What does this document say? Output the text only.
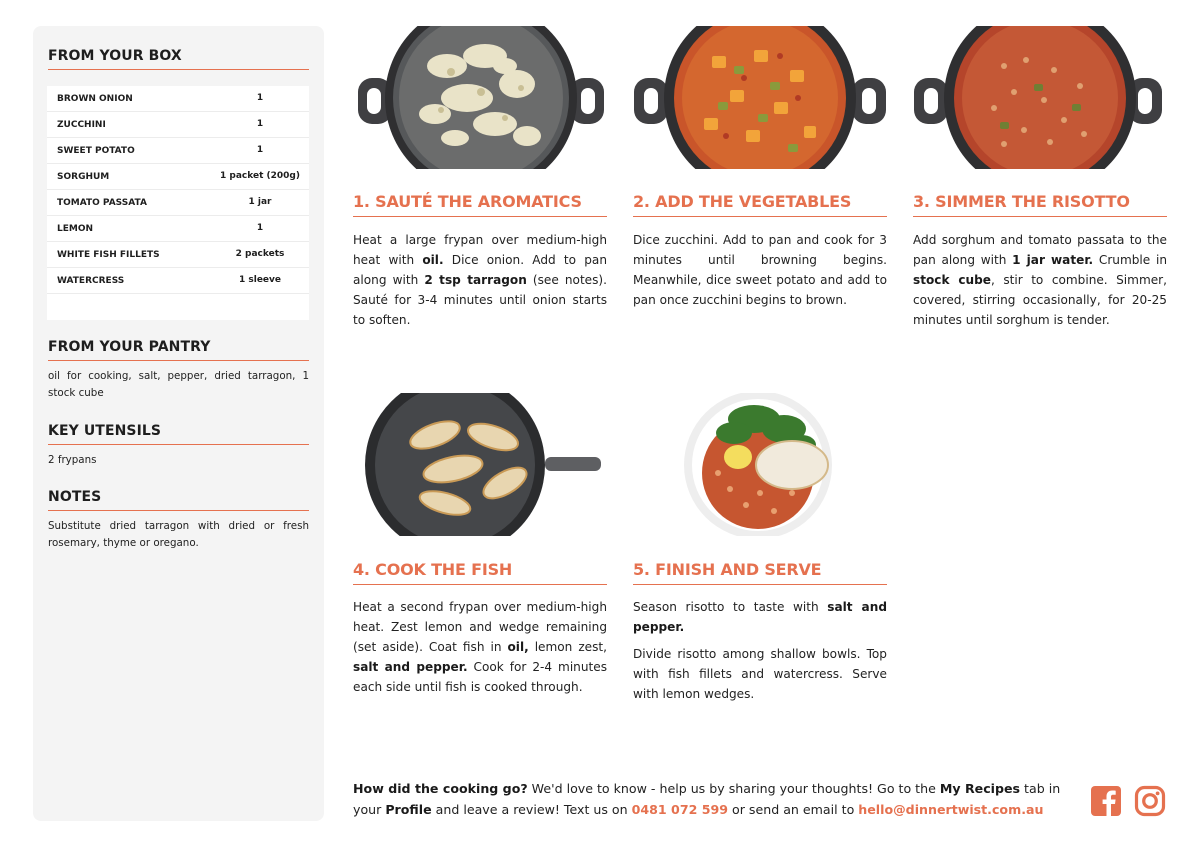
FROM YOUR BOX
BROWN ONION	1
ZUCCHINI	1
SWEET POTATO	1
SORGHUM	1 packet (200g)
TOMATO PASSATA	1 jar
LEMON	1
WHITE FISH FILLETS	2 packets
WATERCRESS	1 sleeve
FROM YOUR PANTRY
oil for cooking, salt, pepper, dried tarragon, 1 stock cube
KEY UTENSILS
2 frypans
NOTES
Substitute dried tarragon with dried or fresh rosemary, thyme or oregano.
1. SAUTÉ THE AROMATICS
Heat a large frypan over medium-high heat with oil. Dice onion. Add to pan along with 2 tsp tarragon (see notes). Sauté for 3-4 minutes until onion starts to soften.
2. ADD THE VEGETABLES
Dice zucchini. Add to pan and cook for 3 minutes until browning begins. Meanwhile, dice sweet potato and add to pan once zucchini begins to brown.
3. SIMMER THE RISOTTO
Add sorghum and tomato passata to the pan along with 1 jar water. Crumble in stock cube, stir to combine. Simmer, covered, stirring occasionally, for 20-25 minutes until sorghum is tender.
4. COOK THE FISH
Heat a second frypan over medium-high heat. Zest lemon and wedge remaining (set aside). Coat fish in oil, lemon zest, salt and pepper. Cook for 2-4 minutes each side until fish is cooked through.
5. FINISH AND SERVE
Season risotto to taste with salt and pepper.
Divide risotto among shallow bowls. Top with fish fillets and watercress. Serve with lemon wedges.
How did the cooking go? We'd love to know - help us by sharing your thoughts! Go to the My Recipes tab in your Profile and leave a review! Text us on 0481 072 599 or send an email to hello@dinnertwist.com.au
